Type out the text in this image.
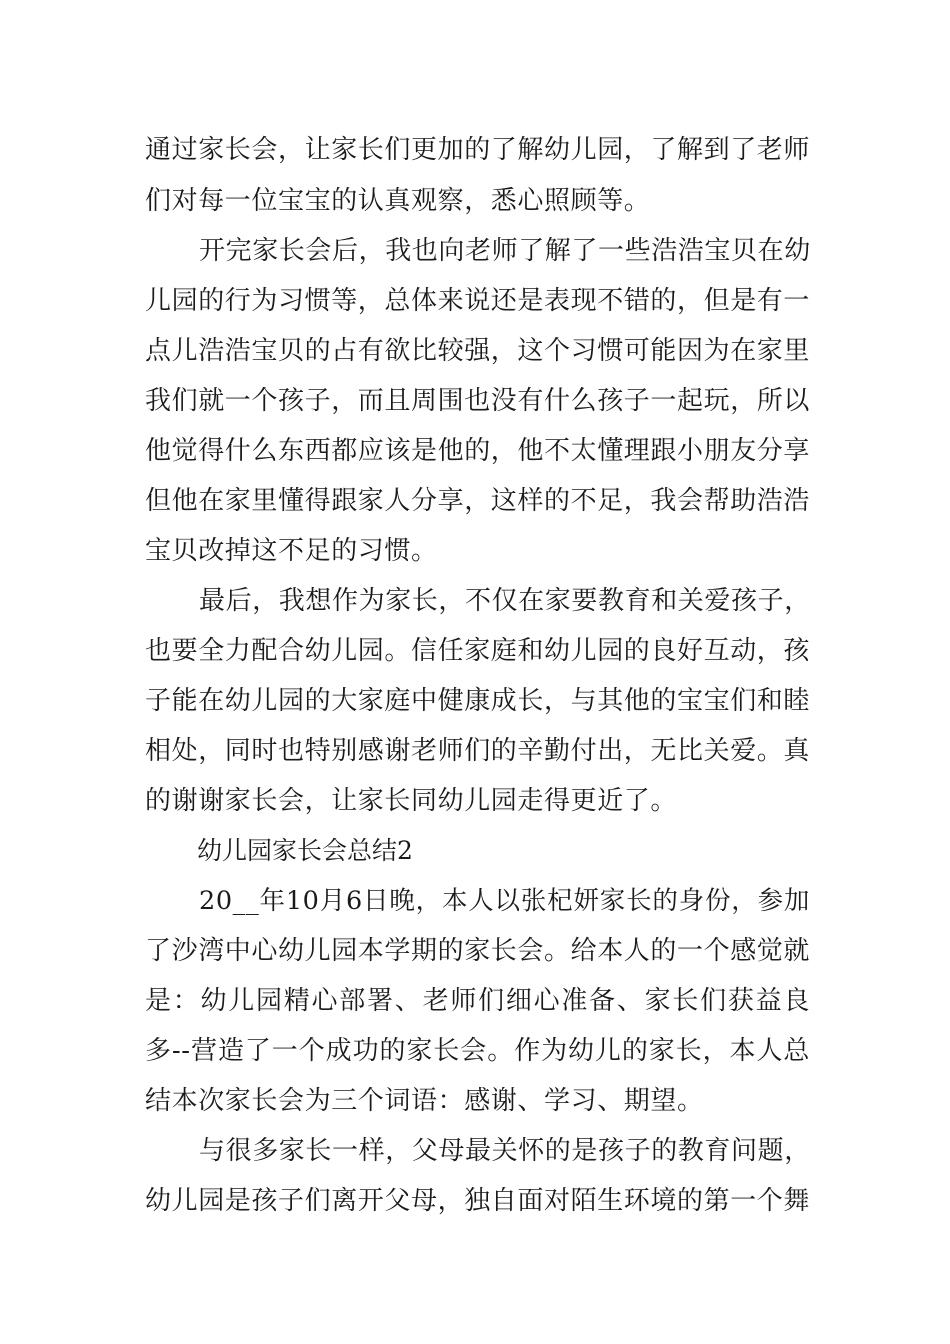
通过家长会，让家长们更加的了解幼儿园，了解到了老师
们对每一位宝宝的认真观察，悉心照顾等。
开完家长会后，我也向老师了解了一些浩浩宝贝在幼
儿园的行为习惯等，总体来说还是表现不错的，但是有一
点儿浩浩宝贝的占有欲比较强，这个习惯可能因为在家里
我们就一个孩子，而且周围也没有什么孩子一起玩，所以
他觉得什么东西都应该是他的，他不太懂理跟小朋友分享
但他在家里懂得跟家人分享，这样的不足，我会帮助浩浩
宝贝改掉这不足的习惯。
最后，我想作为家长，不仅在家要教育和关爱孩子，
也要全力配合幼儿园。信任家庭和幼儿园的良好互动，孩
子能在幼儿园的大家庭中健康成长，与其他的宝宝们和睦
相处，同时也特别感谢老师们的辛勤付出，无比关爱。真
的谢谢家长会，让家长同幼儿园走得更近了。
幼儿园家长会总结2
20__年10月6日晚，本人以张杞妍家长的身份，参加
了沙湾中心幼儿园本学期的家长会。给本人的一个感觉就
是：幼儿园精心部署、老师们细心准备、家长们获益良
多--营造了一个成功的家长会。作为幼儿的家长，本人总
结本次家长会为三个词语：感谢、学习、期望。
与很多家长一样，父母最关怀的是孩子的教育问题，
幼儿园是孩子们离开父母，独自面对陌生环境的第一个舞
